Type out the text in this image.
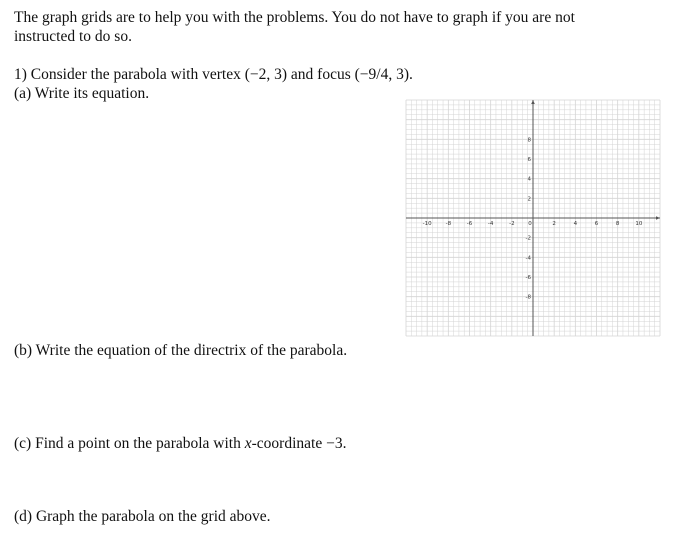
The graph grids are to help you with the problems. You do not have to graph if you are not
instructed to do so.
1) Consider the parabola with vertex (−2, 3) and focus (−9/4, 3).
(a) Write its equation.
-10	-8	-6	-4	-2 0	2	4	6	8	10
8
6
4
2
-2
-4
-6
-8
(b) Write the equation of the directrix of the parabola.
(c) Find a point on the parabola with x-coordinate −3.
(d) Graph the parabola on the grid above.
